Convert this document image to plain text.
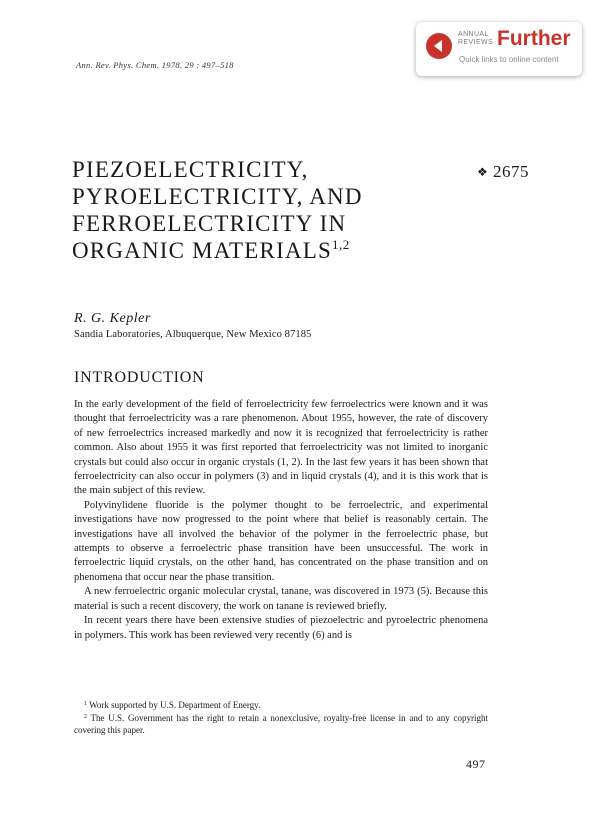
Ann. Rev. Phys. Chem. 1978. 29 : 497–518
ANNUAL
REVIEWS Further
Quick links to online content
PIEZOELECTRICITY,
PYROELECTRICITY, AND
FERROELECTRICITY IN
ORGANIC MATERIALS$^{1,2}$
❖ 2675
R. G. Kepler
Sandia Laboratories, Albuquerque, New Mexico 87185
INTRODUCTION

In the early development of the field of ferroelectricity few ferroelectrics were known and it was thought that ferroelectricity was a rare phenomenon. About 1955, however, the rate of discovery of new ferroelectrics increased markedly and now it is recognized that ferroelectricity is rather common. Also about 1955 it was first reported that ferroelectricity was not limited to inorganic crystals but could also occur in organic crystals (1, 2). In the last few years it has been shown that ferroelectricity can also occur in polymers (3) and in liquid crystals (4), and it is this work that is the main subject of this review.

Polyvinylidene fluoride is the polymer thought to be ferroelectric, and experimental investigations have now progressed to the point where that belief is reasonably certain. The investigations have all involved the behavior of the polymer in the ferroelectric phase, but attempts to observe a ferroelectric phase transition have been unsuccessful. The work in ferroelectric liquid crystals, on the other hand, has concentrated on the phase transition and on phenomena that occur near the phase transition.

A new ferroelectric organic molecular crystal, tanane, was discovered in 1973 (5). Because this material is such a recent discovery, the work on tanane is reviewed briefly.

In recent years there have been extensive studies of piezoelectric and pyroelectric phenomena in polymers. This work has been reviewed very recently (6) and is

$^1$ Work supported by U.S. Department of Energy.

$^2$ The U.S. Government has the right to retain a nonexclusive, royalty-free license in and to any copyright covering this paper.

497
